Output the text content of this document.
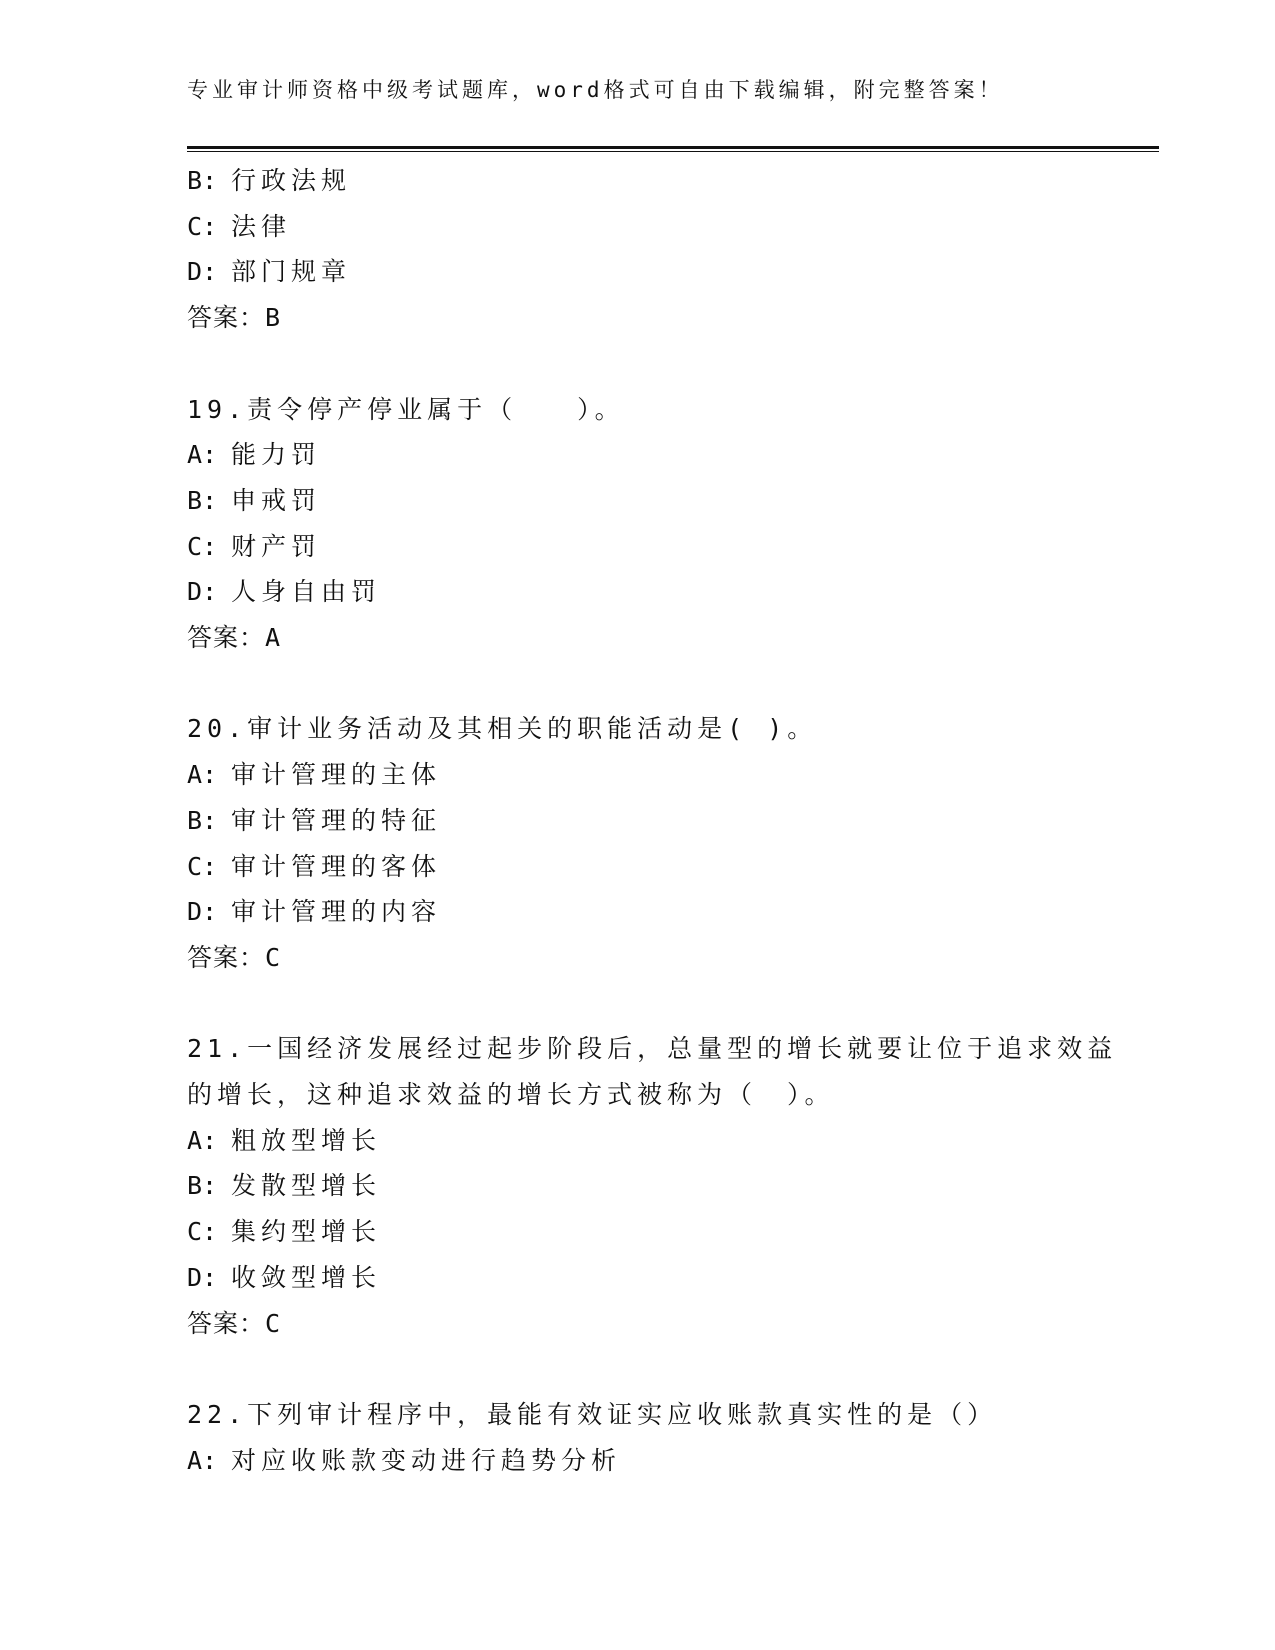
专业审计师资格中级考试题库，word格式可自由下载编辑，附完整答案！
B: 行政法规
C: 法律
D: 部门规章
答案：B
19.责令停产停业属于（　　）。
A: 能力罚
B: 申戒罚
C: 财产罚
D: 人身自由罚
答案：A
20.审计业务活动及其相关的职能活动是( )。
A: 审计管理的主体
B: 审计管理的特征
C: 审计管理的客体
D: 审计管理的内容
答案：C
21.一国经济发展经过起步阶段后，总量型的增长就要让位于追求效益
的增长，这种追求效益的增长方式被称为（　）。
A: 粗放型增长
B: 发散型增长
C: 集约型增长
D: 收敛型增长
答案：C
22.下列审计程序中，最能有效证实应收账款真实性的是（）
A: 对应收账款变动进行趋势分析
